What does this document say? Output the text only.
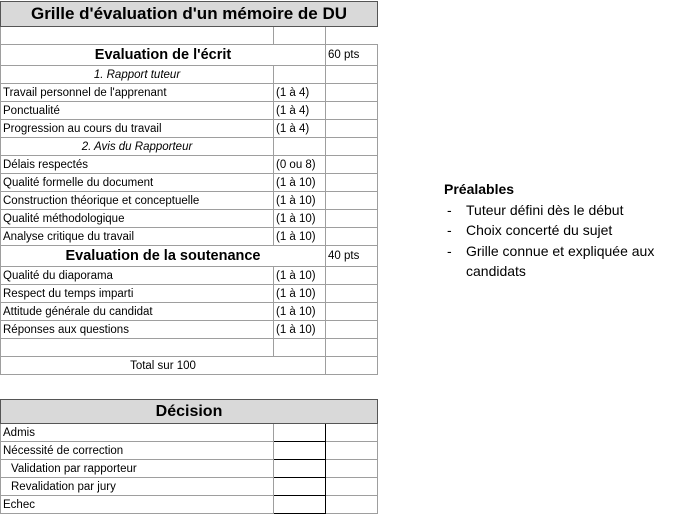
Grille d'évaluation d'un mémoire de DU		

Evaluation de l'écrit		60 pts
1. Rapport tuteur		
Travail personnel de l'apprenant	(1 à 4)	
Ponctualité	(1 à 4)	
Progression au cours du travail	(1 à 4)	
2. Avis du Rapporteur		
Délais respectés	(0 ou 8)	
Qualité formelle du document	(1 à 10)	
Construction théorique et conceptuelle	(1 à 10)	
Qualité méthodologique	(1 à 10)	
Analyse critique du travail	(1 à 10)	
Evaluation de la soutenance		40 pts
Qualité du diaporama	(1 à 10)	
Respect du temps imparti	(1 à 10)	
Attitude générale du candidat	(1 à 10)	
Réponses aux questions	(1 à 10)	

Total sur 100		
Décision		
Admis		
Nécessité de correction		
Validation par rapporteur		
Revalidation par jury		
Echec		
Préalables
- Tuteur défini dès le début
- Choix concerté du sujet
- Grille connue et expliquée aux candidats
